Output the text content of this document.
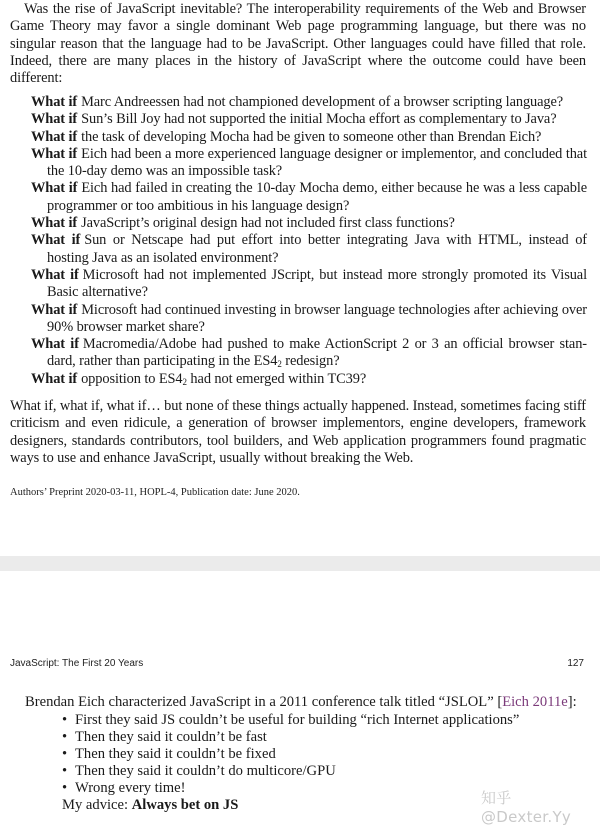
Was the rise of JavaScript inevitable? The interoperability requirements of the Web and Browser Game Theory may favor a single dominant Web page programming language, but there was no singular reason that the language had to be JavaScript. Other languages could have filled that role. Indeed, there are many places in the history of JavaScript where the outcome could have been different:
What if Marc Andreessen had not championed development of a browser scripting language?
What if Sun’s Bill Joy had not supported the initial Mocha effort as complementary to Java?
What if the task of developing Mocha had be given to someone other than Brendan Eich?
What if Eich had been a more experienced language designer or implementor, and concluded that the 10-day demo was an impossible task?
What if Eich had failed in creating the 10-day Mocha demo, either because he was a less capable programmer or too ambitious in his language design?
What if JavaScript’s original design had not included first class functions?
What if Sun or Netscape had put effort into better integrating Java with HTML, instead of hosting Java as an isolated environment?
What if Microsoft had not implemented JScript, but instead more strongly promoted its Visual Basic alternative?
What if Microsoft had continued investing in browser language technologies after achieving over 90% browser market share?
What if Macromedia/Adobe had pushed to make ActionScript 2 or 3 an official browser stan-dard, rather than participating in the $ES4_2$ redesign?
What if opposition to $ES4_2$ had not emerged within TC39?
What if, what if, what if… but none of these things actually happened. Instead, sometimes facing stiff criticism and even ridicule, a generation of browser implementors, engine developers, framework designers, standards contributors, tool builders, and Web application programmers found pragmatic ways to use and enhance JavaScript, usually without breaking the Web.
Authors’ Preprint 2020-03-11, HOPL-4, Publication date: June 2020.
JavaScript: The First 20 Years	127
Brendan Eich characterized JavaScript in a 2011 conference talk titled “JSLOL” [Eich 2011e]:
• First they said JS couldn’t be useful for building “rich Internet applications”
• Then they said it couldn’t be fast
• Then they said it couldn’t be fixed
• Then they said it couldn’t do multicore/GPU
• Wrong every time!
My advice: Always bet on JS	知乎 @Dexter.Yy
